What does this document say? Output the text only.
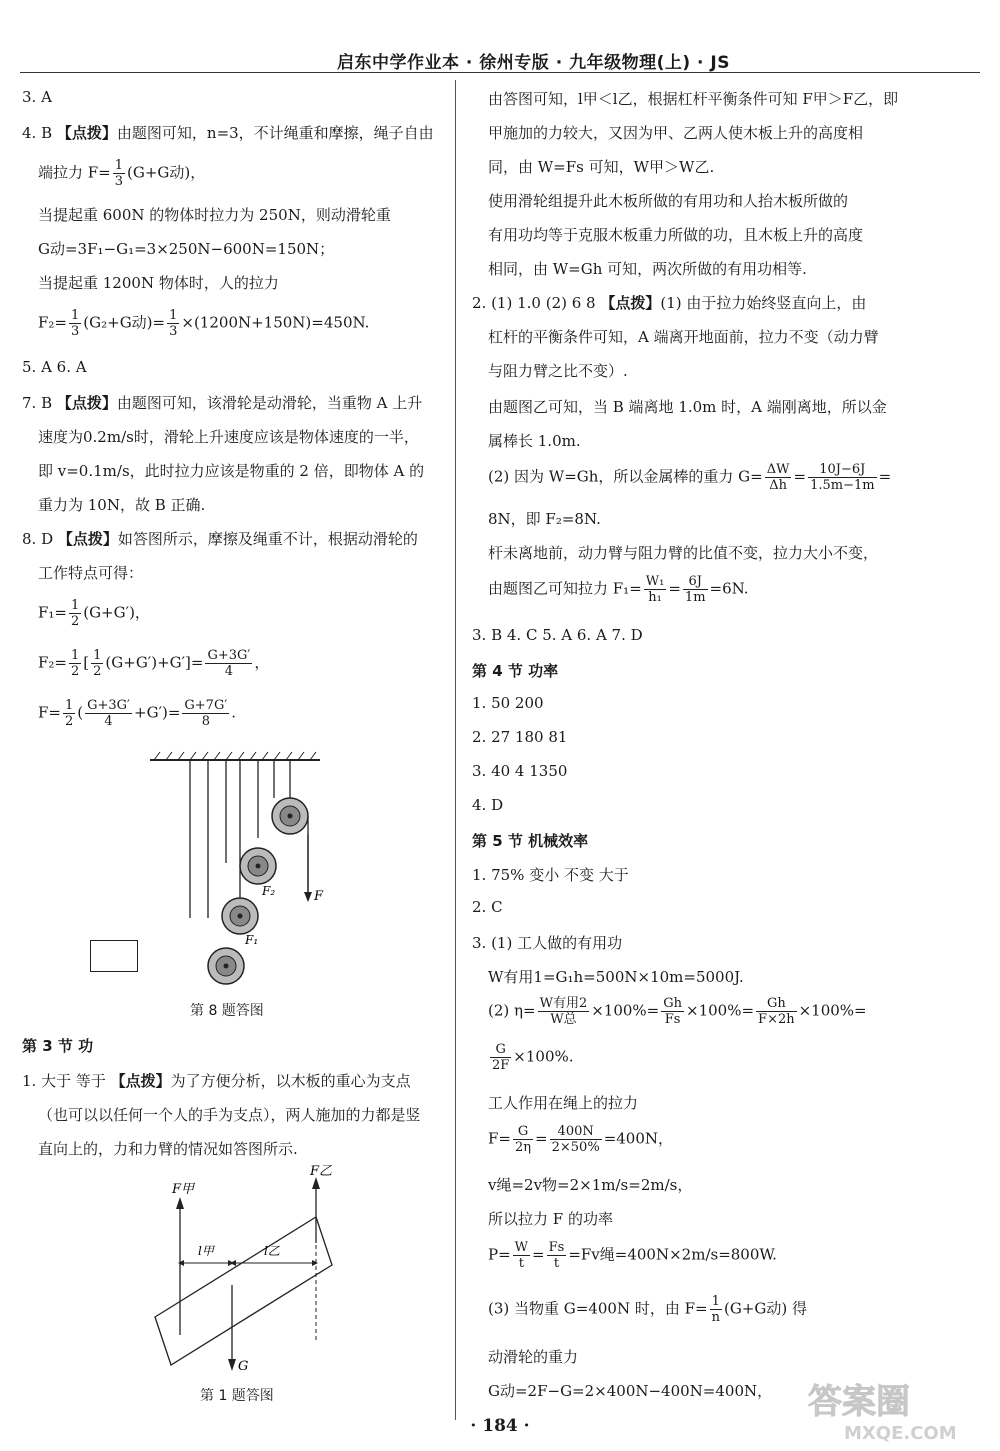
启东中学作业本 · 徐州专版 · 九年级物理(上) · JS
3. A
4. B 【点拨】由题图可知，n=3，不计绳重和摩擦，绳子自由
端拉力 $F= \frac{1}{3} (G+G$动)，
当提起重 600N 的物体时拉力为 250N，则动滑轮重
G动=3F₁−G₁=3×250N−600N=150N；
当提起重 1200N 物体时，人的拉力
$F_2= \frac{1}{3} (G_2+G$动)= $\frac{1}{3} \times(1200N+150N)=450N$.
5. A 6. A
7. B 【点拨】由题图可知，该滑轮是动滑轮，当重物 A 上升
速度为0.2m/s时，滑轮上升速度应该是物体速度的一半，
即 v=0.1m/s，此时拉力应该是物重的 2 倍，即物体 A 的
重力为 10N，故 B 正确.
8. D 【点拨】如答图所示，摩擦及绳重不计，根据动滑轮的
工作特点可得：
$F_1= \frac{1}{2} (G+G')$，
$F_2= \frac{1}{2}$ [ $\frac{1}{2} (G+G')+G']= \frac{G+3G'}{4}$ ，
$F= \frac{1}{2}$ ( $\frac{G+3G'}{4} +G')= \frac{G+7G'}{8}$ .
F
F₂
F₁
第 8 题答图
第 3 节 功
1. 大于 等于 【点拨】为了方便分析，以木板的重心为支点
（也可以以任何一个人的手为支点），两人施加的力都是竖
直向上的，力和力臂的情况如答图所示.
F甲
F乙
l甲	l乙
G
第 1 题答图
由答图可知，l甲＜l乙，根据杠杆平衡条件可知 F甲＞F乙，即
甲施加的力较大，又因为甲、乙两人使木板上升的高度相
同，由 W=Fs 可知，W甲＞W乙.
使用滑轮组提升此木板所做的有用功和人抬木板所做的
有用功均等于克服木板重力所做的功，且木板上升的高度
相同，由 W=Gh 可知，两次所做的有用功相等.
2. (1) 1.0 (2) 6 8 【点拨】(1) 由于拉力始终竖直向上，由
杠杆的平衡条件可知，A 端离开地面前，拉力不变（动力臂
与阻力臂之比不变）.
由题图乙可知，当 B 端离地 1.0m 时，A 端刚离地，所以金
属棒长 1.0m.
(2) 因为 W=Gh，所以金属棒的重力 $G= \frac{\Delta W}{\Delta h} = \frac{10J-6J}{1.5m-1m}$ =
8N，即 F₂=8N.
杆未离地前，动力臂与阻力臂的比值不变，拉力大小不变，
由题图乙可知拉力 $F_1= \frac{\text{W₁}}{\text{h₁}} = \frac{6J}{1m} =6N$.
3. B 4. C 5. A 6. A 7. D
第 4 节 功率
1. 50 200
2. 27 180 81
3. 40 4 1350
4. D
第 5 节 机械效率
1. 75% 变小 不变 大于
2. C
3. (1) 工人做的有用功
W有用1=G₁h=500N×10m=5000J.
(2) $\eta= \frac{\text{W有用2}}{\text{W总}} \times 100\%= \frac{Gh}{Fs} \times 100\%= \frac{Gh}{F\times 2h} \times 100\%=$
$\frac{G}{2F} \times 100\%$.
工人作用在绳上的拉力
$F= \frac{G}{2\eta} = \frac{400N}{2\times 50\%} =400N$，
v绳=2v物=2×1m/s=2m/s，
所以拉力 F 的功率
$P= \frac{W}{t} = \frac{Fs}{t} =Fv$绳=400N×2m/s=800W.
(3) 当物重 G=400N 时，由 $F= \frac{1}{n} (G+G$动) 得
动滑轮的重力
G动=2F−G=2×400N−400N=400N，
· 184 ·
答案圈
MXQE.COM
